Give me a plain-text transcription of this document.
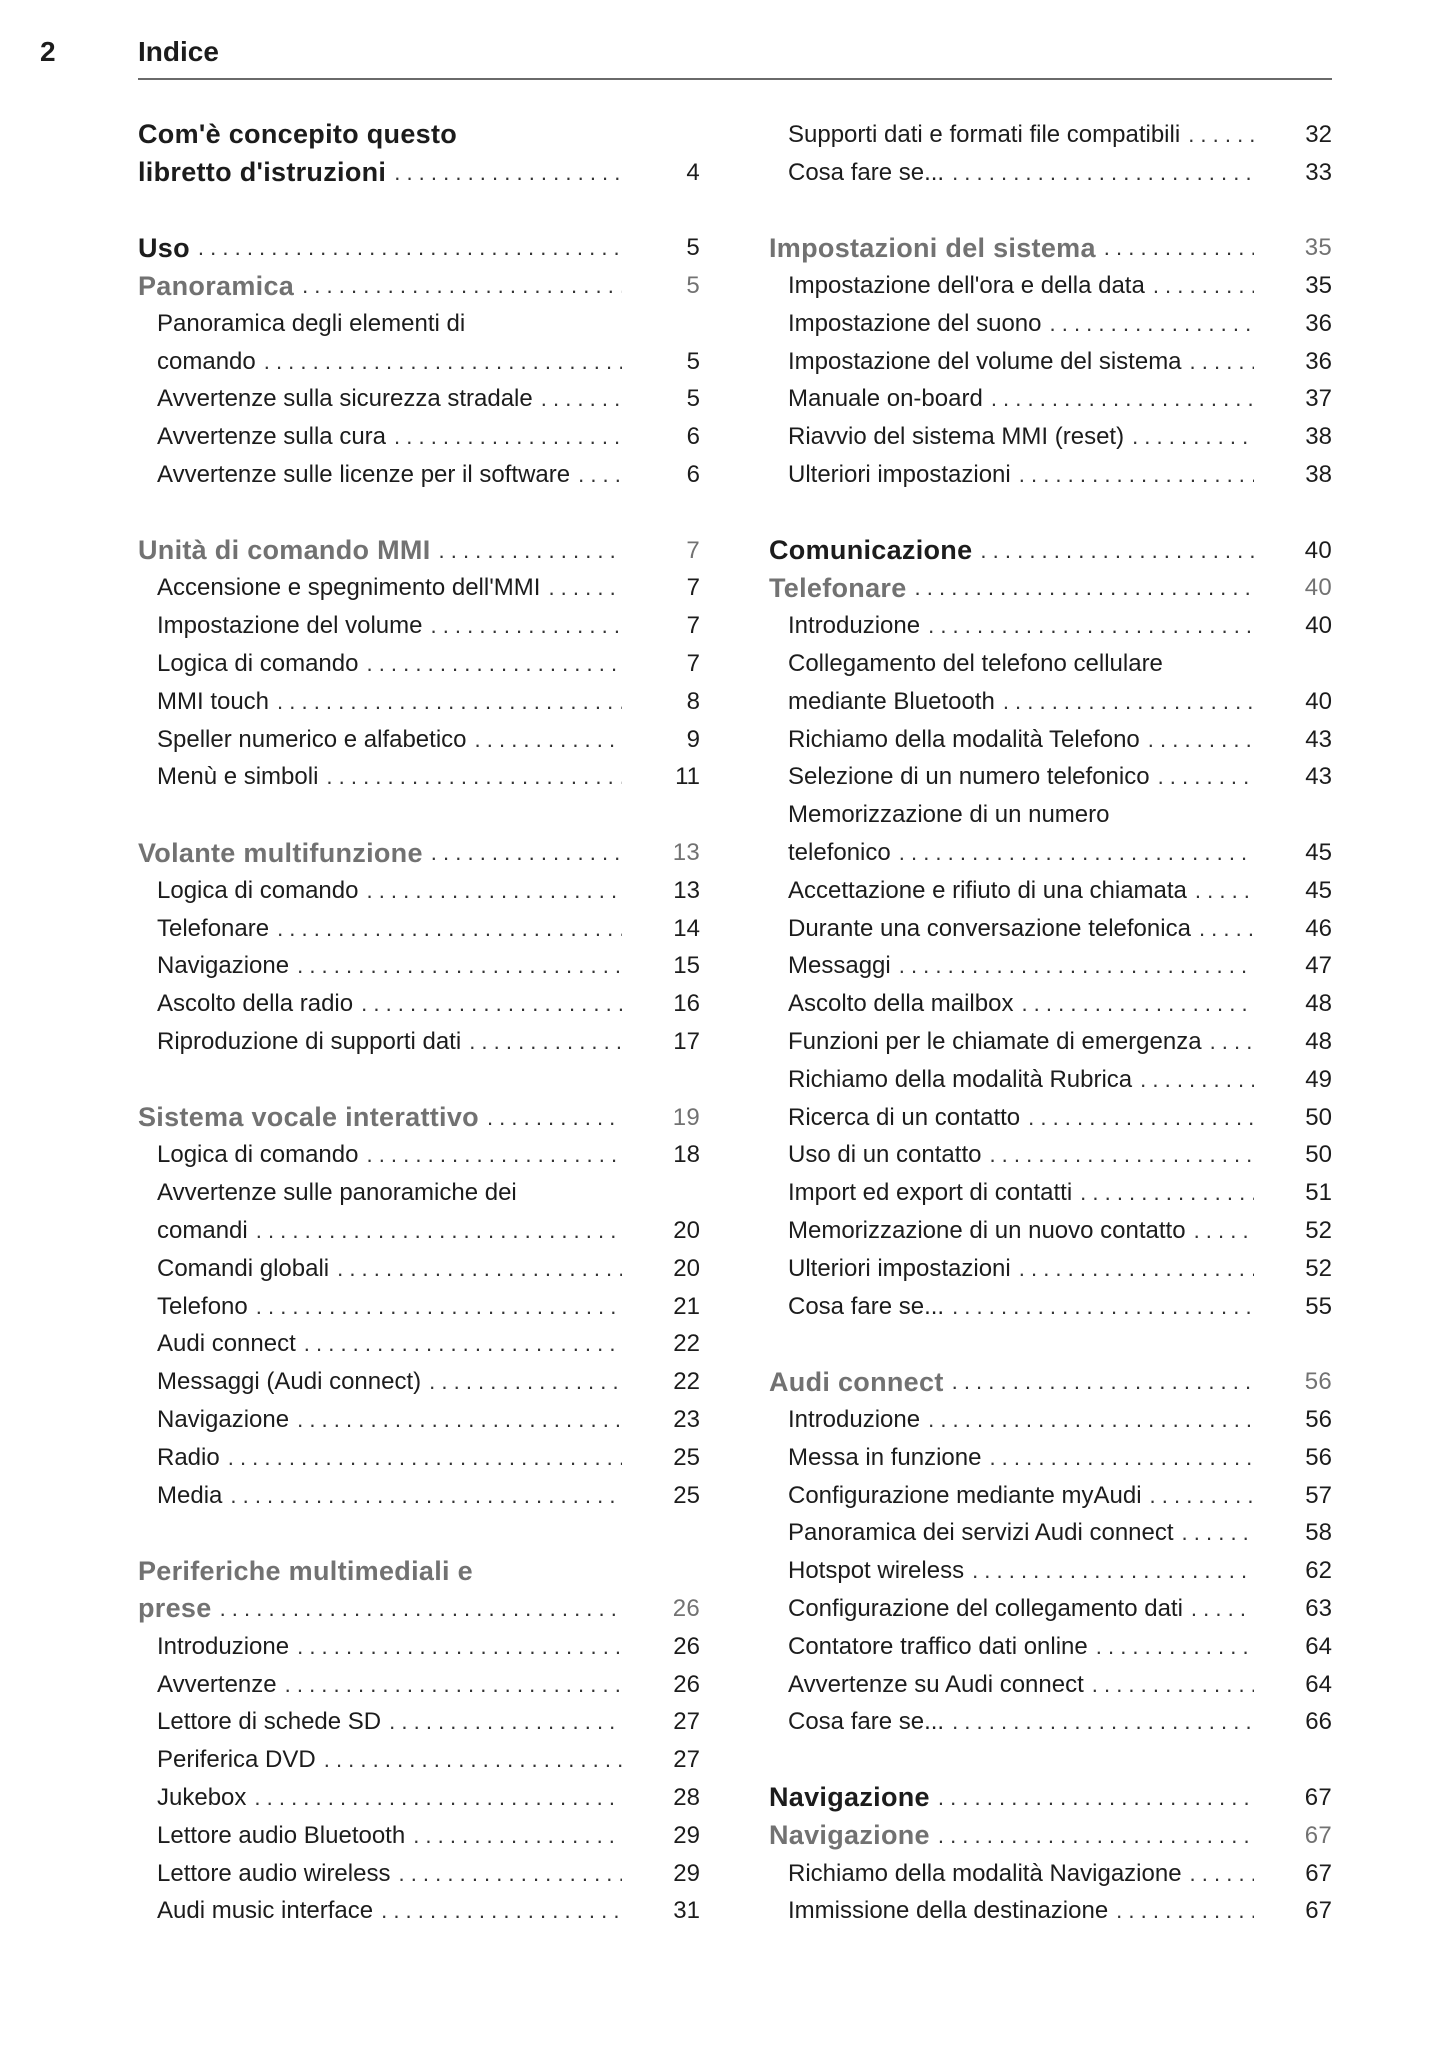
2	Indice
Com'è concepito questo
libretto d'istruzioni . . .	4
Uso . . .	5
Panoramica . . .	5
Panoramica degli elementi di
comando . . .	5
Avvertenze sulla sicurezza stradale . . .	5
Avvertenze sulla cura . . .	6
Avvertenze sulle licenze per il software . . .	6
Unità di comando MMI . . .	7
Accensione e spegnimento dell'MMI . . .	7
Impostazione del volume . . .	7
Logica di comando . . .	7
MMI touch . . .	8
Speller numerico e alfabetico . . .	9
Menù e simboli . . .	11
Volante multifunzione . . .	13
Logica di comando . . .	13
Telefonare . . .	14
Navigazione . . .	15
Ascolto della radio . . .	16
Riproduzione di supporti dati . . .	17
Sistema vocale interattivo . . .	19
Logica di comando . . .	18
Avvertenze sulle panoramiche dei
comandi . . .	20
Comandi globali . . .	20
Telefono . . .	21
Audi connect . . .	22
Messaggi (Audi connect) . . .	22
Navigazione . . .	23
Radio . . .	25
Media . . .	25
Periferiche multimediali e
prese . . .	26
Introduzione . . .	26
Avvertenze . . .	26
Lettore di schede SD . . .	27
Periferica DVD . . .	27
Jukebox . . .	28
Lettore audio Bluetooth . . .	29
Lettore audio wireless . . .	29
Audi music interface . . .	31
Supporti dati e formati file compatibili . . .	32
Cosa fare se... . . .	33
Impostazioni del sistema . . .	35
Impostazione dell'ora e della data . . .	35
Impostazione del suono . . .	36
Impostazione del volume del sistema . . .	36
Manuale on-board . . .	37
Riavvio del sistema MMI (reset) . . .	38
Ulteriori impostazioni . . .	38
Comunicazione . . .	40
Telefonare . . .	40
Introduzione . . .	40
Collegamento del telefono cellulare
mediante Bluetooth . . .	40
Richiamo della modalità Telefono . . .	43
Selezione di un numero telefonico . . .	43
Memorizzazione di un numero
telefonico . . .	45
Accettazione e rifiuto di una chiamata . . .	45
Durante una conversazione telefonica . . .	46
Messaggi . . .	47
Ascolto della mailbox . . .	48
Funzioni per le chiamate di emergenza . . .	48
Richiamo della modalità Rubrica . . .	49
Ricerca di un contatto . . .	50
Uso di un contatto . . .	50
Import ed export di contatti . . .	51
Memorizzazione di un nuovo contatto . . .	52
Ulteriori impostazioni . . .	52
Cosa fare se... . . .	55
Audi connect . . .	56
Introduzione . . .	56
Messa in funzione . . .	56
Configurazione mediante myAudi . . .	57
Panoramica dei servizi Audi connect . . .	58
Hotspot wireless . . .	62
Configurazione del collegamento dati . . .	63
Contatore traffico dati online . . .	64
Avvertenze su Audi connect . . .	64
Cosa fare se... . . .	66
Navigazione . . .	67
Navigazione . . .	67
Richiamo della modalità Navigazione . . .	67
Immissione della destinazione . . .	67
